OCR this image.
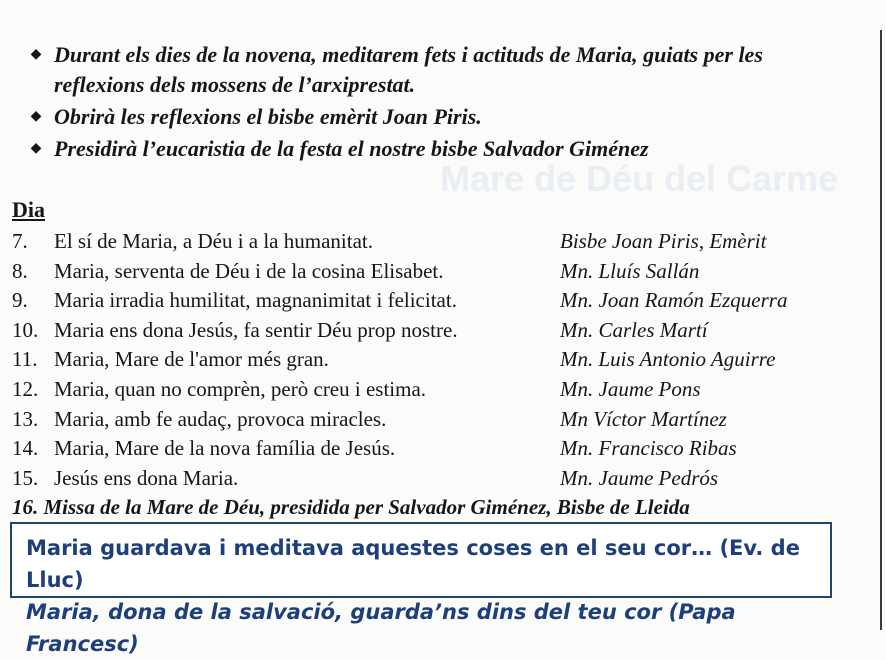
Mare de Déu del Carme
◆ Durant els dies de la novena, meditarem fets i actituds de Maria, guiats per les reflexions dels mossens de l’arxiprestat.
◆ Obrirà les reflexions el bisbe emèrit Joan Piris.
◆ Presidirà l’eucaristia de la festa el nostre bisbe Salvador Giménez
Dia
7.	El sí de Maria, a Déu i a la humanitat.	Bisbe Joan Piris, Emèrit
8.	Maria, serventa de Déu i de la cosina Elisabet.	Mn. Lluís Sallán
9.	Maria irradia humilitat, magnanimitat i felicitat.	Mn. Joan Ramón Ezquerra
10. Maria ens dona Jesús, fa sentir Déu prop nostre.	Mn. Carles Martí
11. Maria, Mare de l'amor més gran.	Mn. Luis Antonio Aguirre
12. Maria, quan no comprèn, però creu i estima.	Mn. Jaume Pons
13. Maria, amb fe audaç, provoca miracles.	Mn Víctor Martínez
14. Maria, Mare de la nova família de Jesús.	Mn. Francisco Ribas
15. Jesús ens dona Maria.	Mn. Jaume Pedrós
16. Missa de la Mare de Déu, presidida per Salvador Giménez, Bisbe de Lleida
Maria guardava i meditava aquestes coses en el seu cor… (Ev. de Lluc)
Maria, dona de la salvació, guarda’ns dins del teu cor (Papa Francesc)
